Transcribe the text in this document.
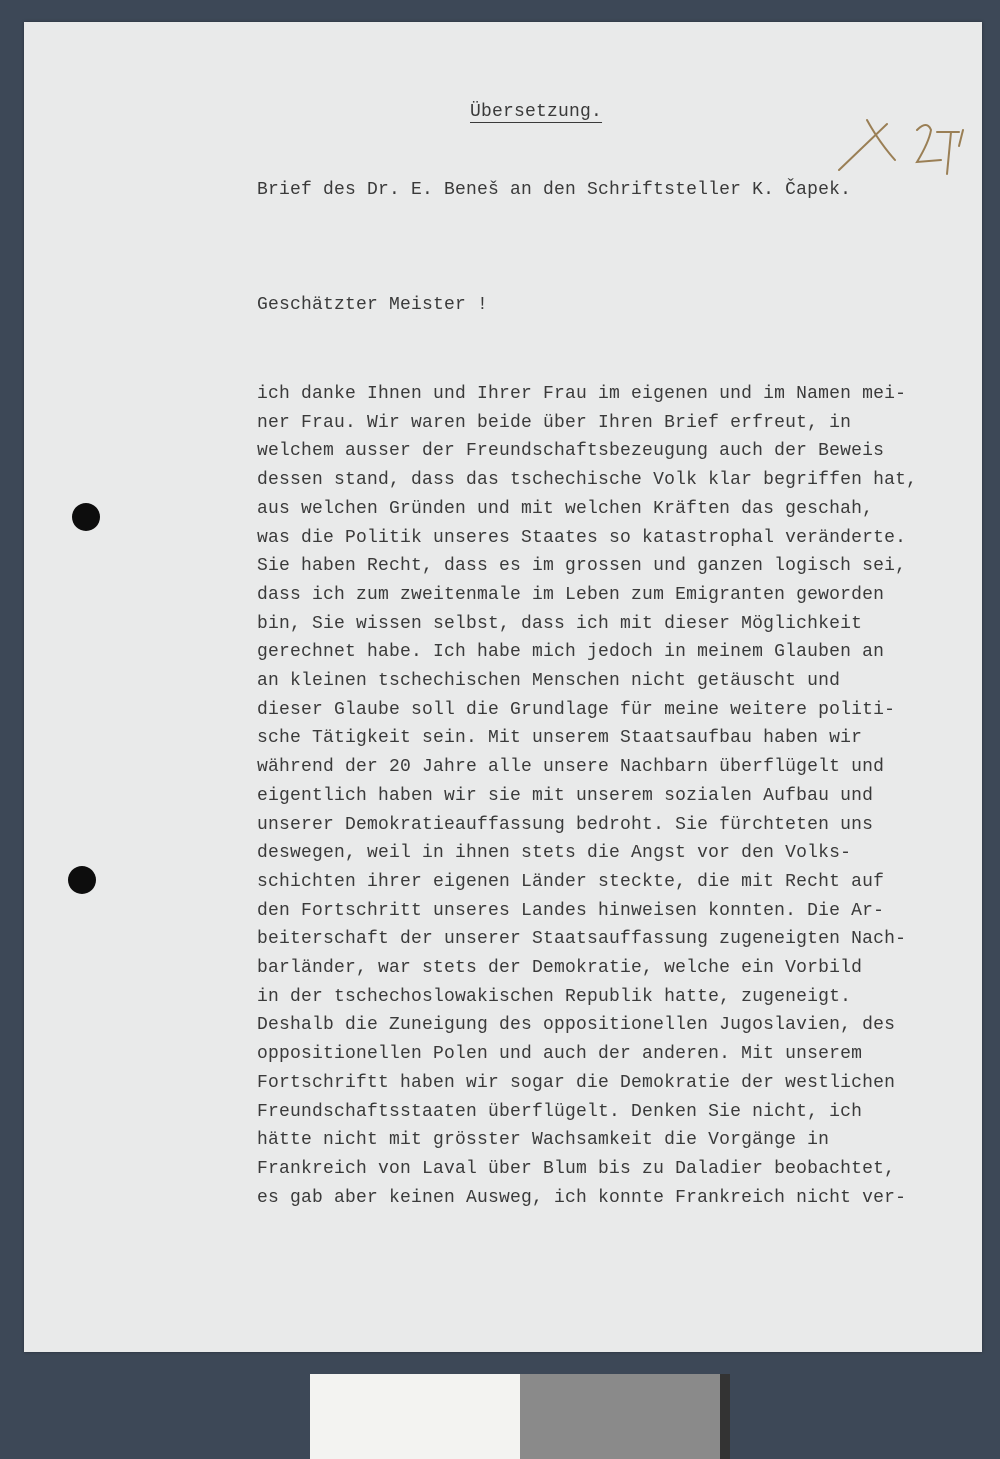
Übersetzung.
Brief des Dr. E. Beneš an den Schriftsteller K. Čapek.
Geschätzter Meister !
ich danke Ihnen und Ihrer Frau im eigenen und im Namen mei-
ner Frau. Wir waren beide über Ihren Brief erfreut, in
welchem ausser der Freundschaftsbezeugung auch der Beweis
dessen stand, dass das tschechische Volk klar begriffen hat,
aus welchen Gründen und mit welchen Kräften das geschah,
was die Politik unseres Staates so katastrophal veränderte.
Sie haben Recht, dass es im grossen und ganzen logisch sei,
dass ich zum zweitenmale im Leben zum Emigranten geworden
bin, Sie wissen selbst, dass ich mit dieser Möglichkeit
gerechnet habe. Ich habe mich jedoch in meinem Glauben an
an kleinen tschechischen Menschen nicht getäuscht und
dieser Glaube soll die Grundlage für meine weitere politi-
sche Tätigkeit sein. Mit unserem Staatsaufbau haben wir
während der 20 Jahre alle unsere Nachbarn überflügelt und
eigentlich haben wir sie mit unserem sozialen Aufbau und
unserer Demokratieauffassung bedroht. Sie fürchteten uns
deswegen, weil in ihnen stets die Angst vor den Volks-
schichten ihrer eigenen Länder steckte, die mit Recht auf
den Fortschritt unseres Landes hinweisen konnten. Die Ar-
beiterschaft der unserer Staatsauffassung zugeneigten Nach-
barländer, war stets der Demokratie, welche ein Vorbild
in der tschechoslowakischen Republik hatte, zugeneigt.
Deshalb die Zuneigung des oppositionellen Jugoslavien, des
oppositionellen Polen und auch der anderen. Mit unserem
Fortschriftt haben wir sogar die Demokratie der westlichen
Freundschaftsstaaten überflügelt. Denken Sie nicht, ich
hätte nicht mit grösster Wachsamkeit die Vorgänge in
Frankreich von Laval über Blum bis zu Daladier beobachtet,
es gab aber keinen Ausweg, ich konnte Frankreich nicht ver-
